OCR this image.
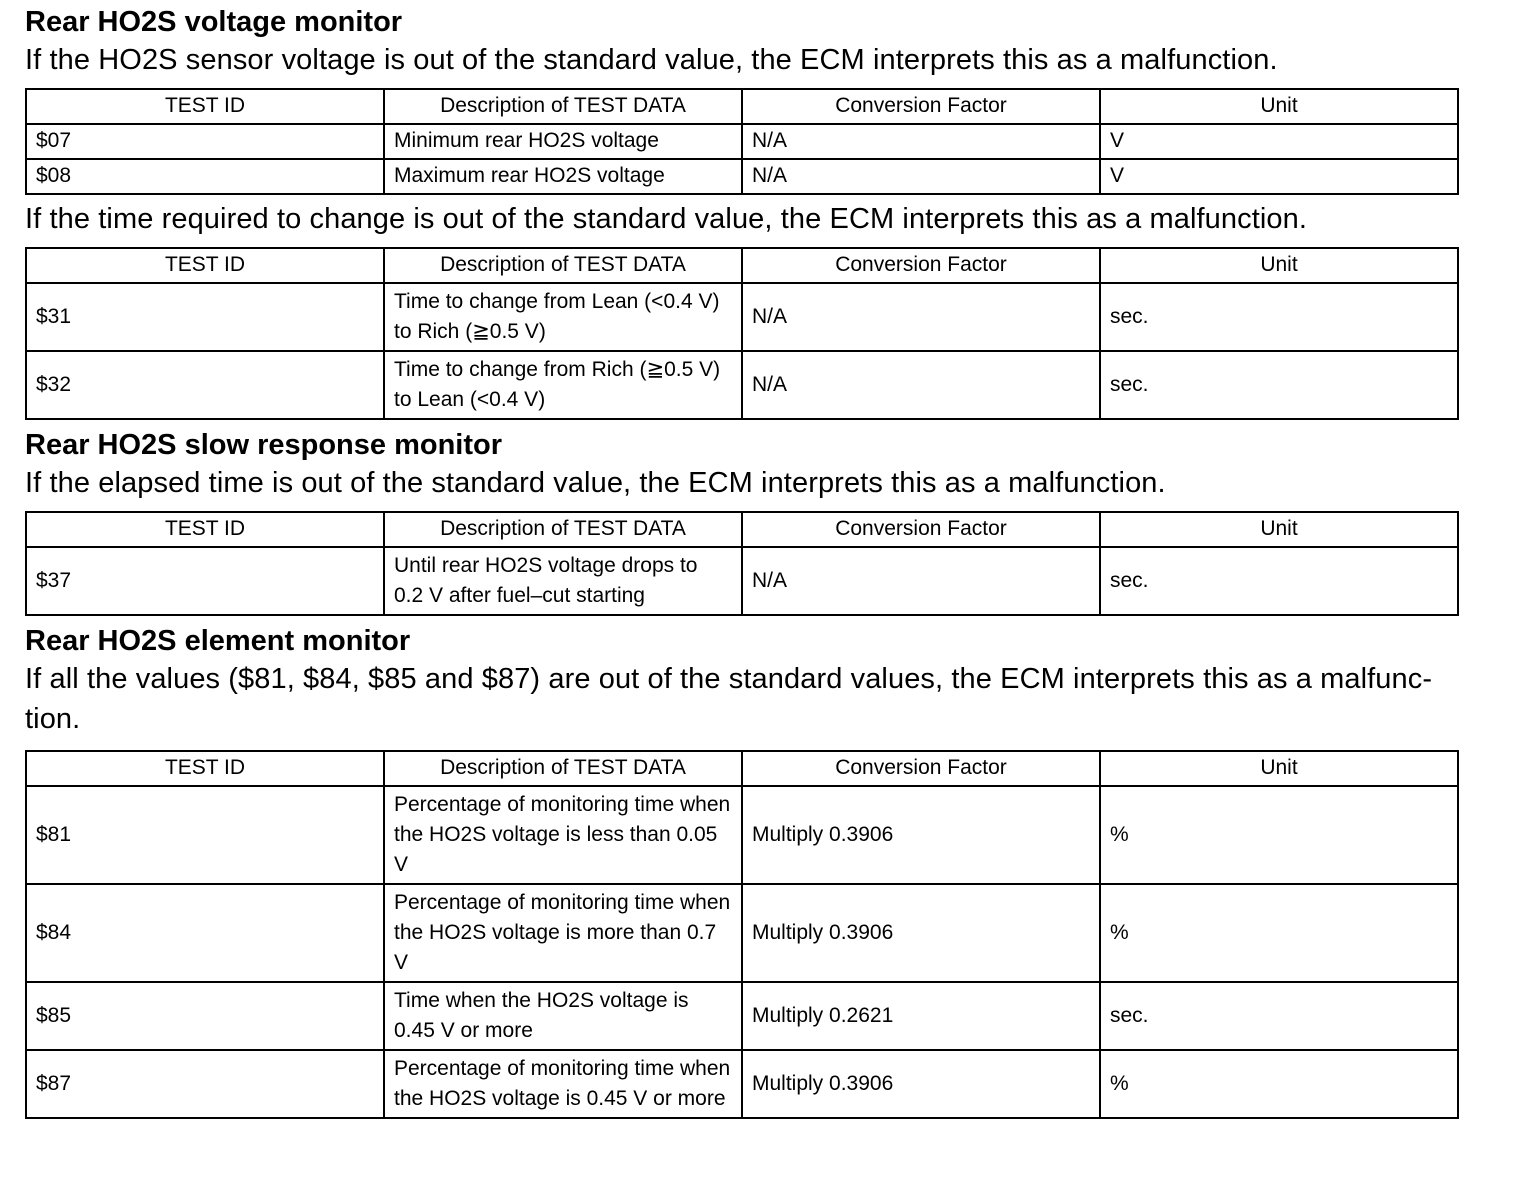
Rear HO2S voltage monitor

If the HO2S sensor voltage is out of the standard value, the ECM interprets this as a malfunction.

TEST ID	Description of TEST DATA	Conversion Factor	Unit
$07	Minimum rear HO2S voltage	N/A	V
$08	Maximum rear HO2S voltage	N/A	V

If the time required to change is out of the standard value, the ECM interprets this as a malfunction.

TEST ID	Description of TEST DATA	Conversion Factor	Unit
$31	Time to change from Lean (<0.4 V) to Rich (≧0.5 V)	N/A	sec.
$32	Time to change from Rich (≧0.5 V) to Lean (<0.4 V)	N/A	sec.
Rear HO2S slow response monitor

If the elapsed time is out of the standard value, the ECM interprets this as a malfunction.

TEST ID	Description of TEST DATA	Conversion Factor	Unit
$37	Until rear HO2S voltage drops to 0.2 V after fuel–cut starting	N/A	sec.
Rear HO2S element monitor

If all the values ($81, $84, $85 and $87) are out of the standard values, the ECM interprets this as a malfunc-tion.

TEST ID	Description of TEST DATA	Conversion Factor	Unit
$81	Percentage of monitoring time when the HO2S voltage is less than 0.05 V	Multiply 0.3906	%
$84	Percentage of monitoring time when the HO2S voltage is more than 0.7 V	Multiply 0.3906	%
$85	Time when the HO2S voltage is 0.45 V or more	Multiply 0.2621	sec.
$87	Percentage of monitoring time when the HO2S voltage is 0.45 V or more	Multiply 0.3906	%
